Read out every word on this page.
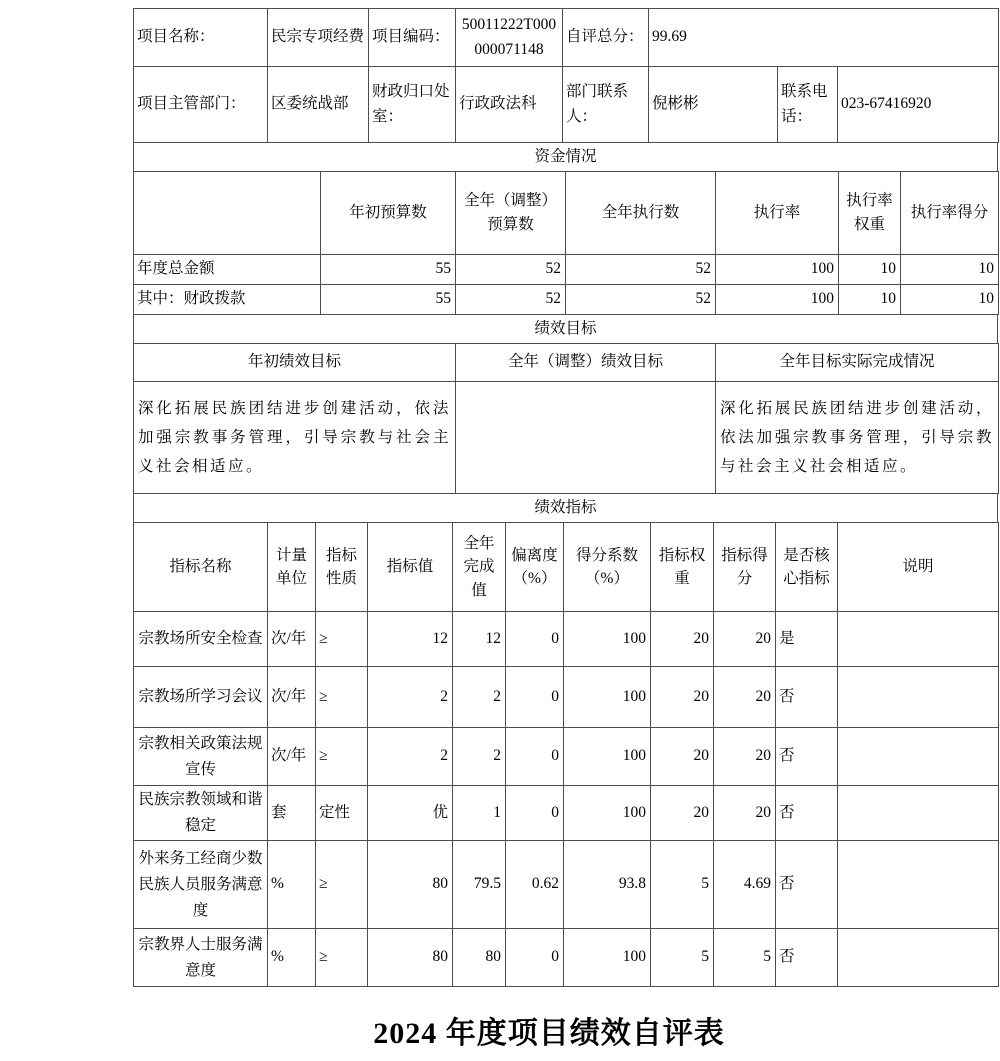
项目名称：	民宗专项经费	项目编码：	50011222T000000071148	自评总分：	99.69		
项目主管部门：	区委统战部	财政归口处室：	行政政法科	部门联系人：	倪彬彬	联系电话：	023-67416920
资金情况
	年初预算数	全年（调整）预算数	全年执行数	执行率	执行率权重	执行率得分
年度总金额	55	52	52	100	10	10
其中：财政拨款	55	52	52	100	10	10
绩效目标
年初绩效目标	全年（调整）绩效目标	全年目标实际完成情况
深化拓展民族团结进步创建活动，依法加强宗教事务管理，引导宗教与社会主义社会相适应。		深化拓展民族团结进步创建活动，依法加强宗教事务管理，引导宗教与社会主义社会相适应。
绩效指标
指标名称	计量单位	指标性质	指标值	全年完成值	偏离度（%）	得分系数（%）	指标权重	指标得分	是否核心指标	说明
宗教场所安全检查	次/年	≥	12	12	0	100	20	20	是	
宗教场所学习会议	次/年	≥	2	2	0	100	20	20	否	
宗教相关政策法规宣传	次/年	≥	2	2	0	100	20	20	否	
民族宗教领域和谐稳定	套	定性	优	1	0	100	20	20	否	
外来务工经商少数民族人员服务满意度	%	≥	80	79.5	0.62	93.8	5	4.69	否	
宗教界人士服务满意度	%	≥	80	80	0	100	5	5	否	
2024 年度项目绩效自评表
